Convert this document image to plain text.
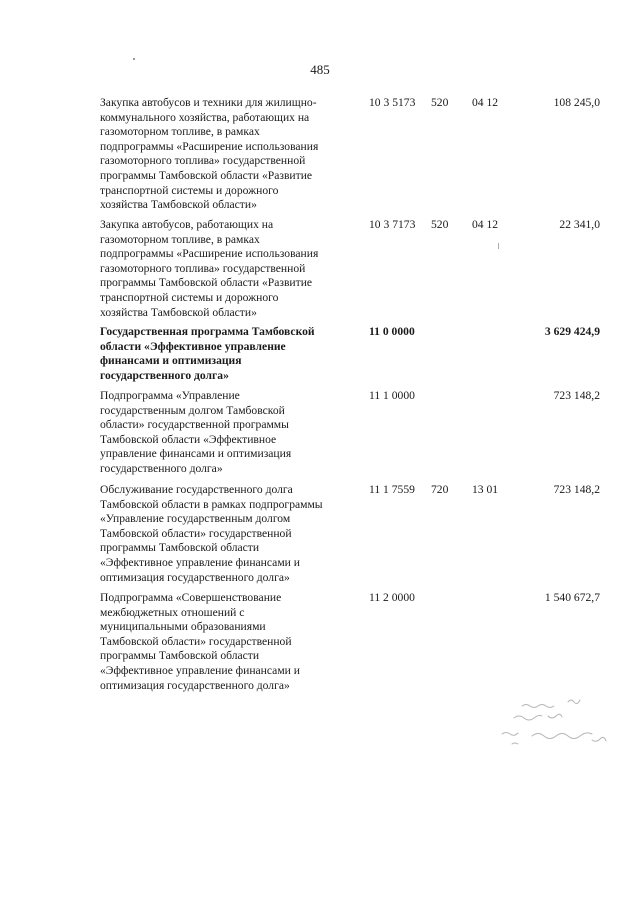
485
Закупка автобусов и техники для жилищно-
коммунального хозяйства, работающих на
газомоторном топливе, в рамках
подпрограммы «Расширение использования
газомоторного топлива» государственной
программы Тамбовской области «Развитие
транспортной системы и дорожного
хозяйства Тамбовской области»
10 3 5173 520 04 12	108 245,0
Закупка автобусов, работающих на
газомоторном топливе, в рамках
подпрограммы «Расширение использования
газомоторного топлива» государственной
программы Тамбовской области «Развитие
транспортной системы и дорожного
хозяйства Тамбовской области»
10 3 7173 520 04 12	22 341,0
Государственная программа Тамбовской
области «Эффективное управление
финансами и оптимизация
государственного долга»
11 0 0000	3 629 424,9
Подпрограмма «Управление
государственным долгом Тамбовской
области» государственной программы
Тамбовской области «Эффективное
управление финансами и оптимизация
государственного долга»
11 1 0000	723 148,2
Обслуживание государственного долга
Тамбовской области в рамках подпрограммы
«Управление государственным долгом
Тамбовской области» государственной
программы Тамбовской области
«Эффективное управление финансами и
оптимизация государственного долга»
11 1 7559 720 13 01	723 148,2
Подпрограмма «Совершенствование
межбюджетных отношений с
муниципальными образованиями
Тамбовской области» государственной
программы Тамбовской области
«Эффективное управление финансами и
оптимизация государственного долга»
11 2 0000	1 540 672,7
